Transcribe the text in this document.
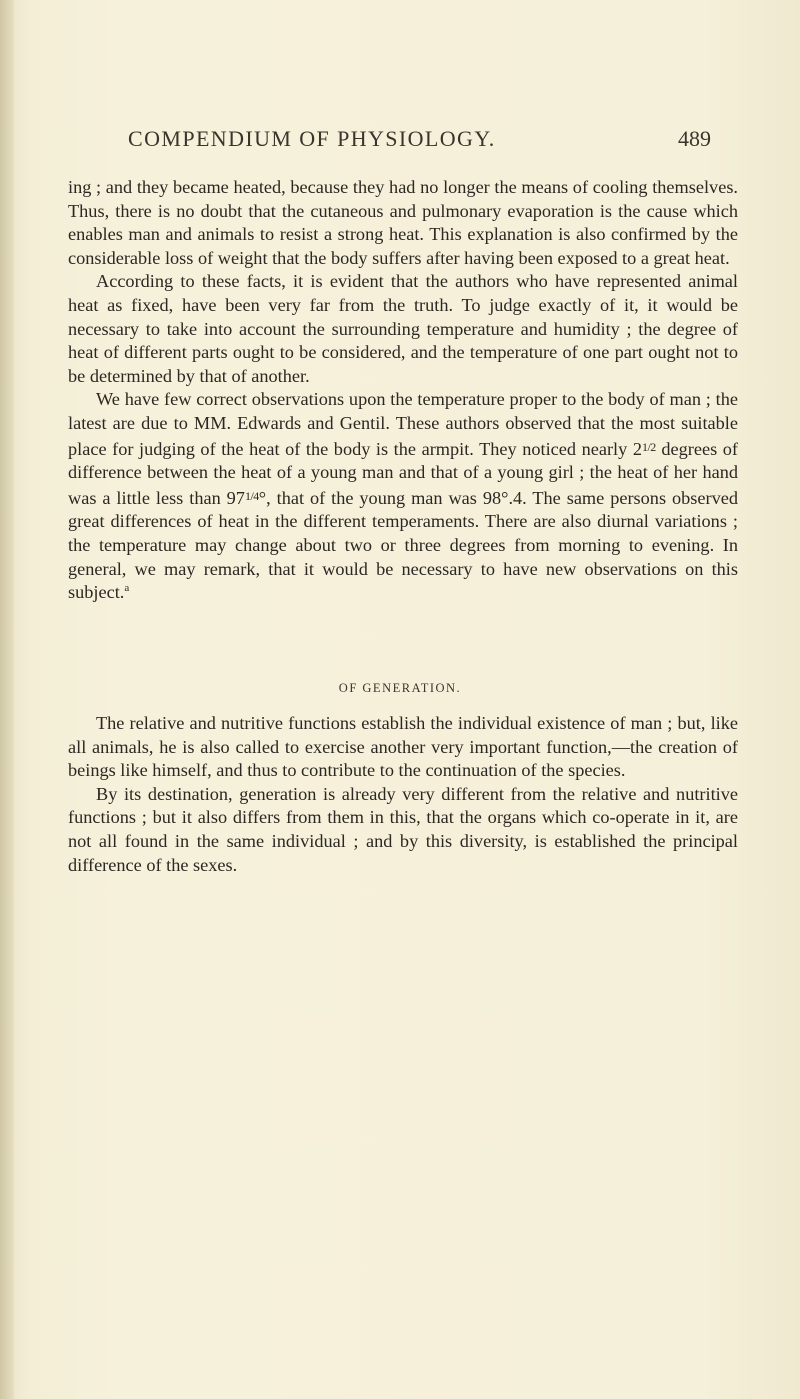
COMPENDIUM OF PHYSIOLOGY.	489

ing ; and they became heated, because they had no longer the means of cooling themselves. Thus, there is no doubt that the cutaneous and pulmonary evaporation is the cause which enables man and animals to resist a strong heat. This explanation is also confirmed by the considerable loss of weight that the body suffers after having been exposed to a great heat.

According to these facts, it is evident that the authors who have represented animal heat as fixed, have been very far from the truth. To judge exactly of it, it would be necessary to take into account the surrounding temperature and humidity ; the degree of heat of different parts ought to be considered, and the temperature of one part ought not to be determined by that of another.

We have few correct observations upon the temperature proper to the body of man ; the latest are due to MM. Edwards and Gentil. These authors observed that the most suitable place for judging of the heat of the body is the armpit. They noticed nearly $2^{1/2}$ degrees of difference between the heat of a young man and that of a young girl ; the heat of her hand was a little less than $97^{1/4}^\circ$, that of the young man was 98°.4. The same persons observed great differences of heat in the different temperaments. There are also diurnal variations ; the temperature may change about two or three degrees from morning to evening. In general, we may remark, that it would be necessary to have new observations on this subject.$^a$

OF GENERATION.

The relative and nutritive functions establish the individual existence of man ; but, like all animals, he is also called to exercise another very important function,—the creation of beings like himself, and thus to contribute to the continuation of the species.

By its destination, generation is already very different from the relative and nutritive functions ; but it also differs from them in this, that the organs which co-operate in it, are not all found in the same individual ; and by this diversity, is established the principal difference of the sexes.
